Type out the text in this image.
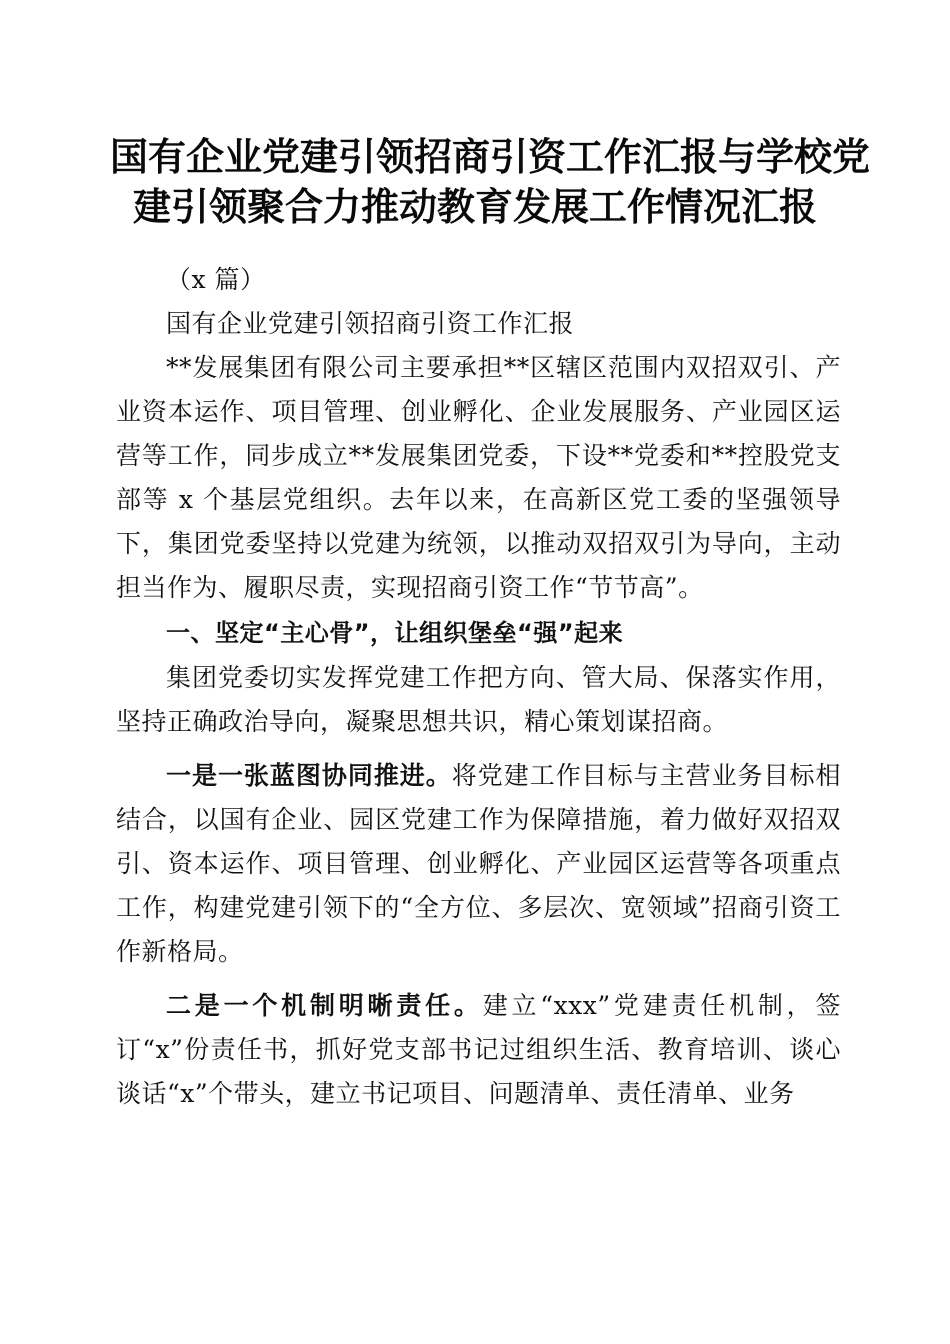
国有企业党建引领招商引资工作汇报与学校党
建引领聚合力推动教育发展工作情况汇报

（x 篇）

国有企业党建引领招商引资工作汇报

**发展集团有限公司主要承担**区辖区范围内双招双引、产业资本运作、项目管理、创业孵化、企业发展服务、产业园区运营等工作，同步成立**发展集团党委，下设**党委和**控股党支部等 x 个基层党组织。去年以来，在高新区党工委的坚强领导下，集团党委坚持以党建为统领，以推动双招双引为导向，主动担当作为、履职尽责，实现招商引资工作“节节高”。

一、坚定“主心骨”，让组织堡垒“强”起来

集团党委切实发挥党建工作把方向、管大局、保落实作用，坚持正确政治导向，凝聚思想共识，精心策划谋招商。

一是一张蓝图协同推进。将党建工作目标与主营业务目标相结合，以国有企业、园区党建工作为保障措施，着力做好双招双引、资本运作、项目管理、创业孵化、产业园区运营等各项重点工作，构建党建引领下的“全方位、多层次、宽领域”招商引资工作新格局。

二是一个机制明晰责任。建立“xxx”党建责任机制，签订“x”份责任书，抓好党支部书记过组织生活、教育培训、谈心谈话“x”个带头，建立书记项目、问题清单、责任清单、业务
